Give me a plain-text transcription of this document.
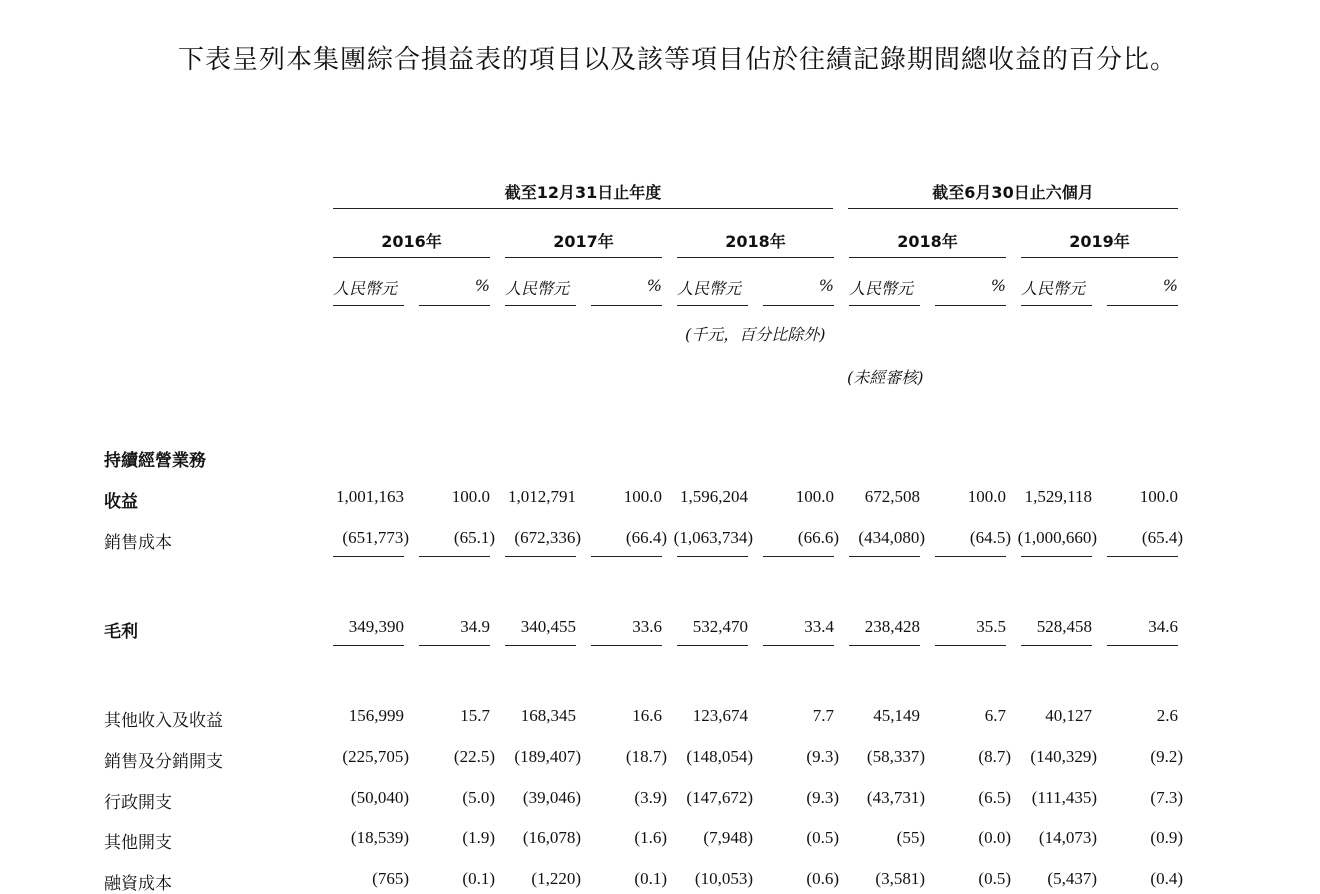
下表呈列本集團綜合損益表的項目以及該等項目佔於往績記錄期間總收益的百分比。
截至12月31日止年度	截至6月30日止六個月
2016年	2017年	2018年	2018年	2019年
人民幣元	% 人民幣元	% 人民幣元	% 人民幣元	% 人民幣元	%
(千元，百分比除外)
(未經審核)
持續經營業務
收益	1,001,163	100.0	1,012,791	100.0	1,596,204	100.0	672,508	100.0	1,529,118	100.0
銷售成本	(651,773)	(65.1)	(672,336)	(66.4) (1,063,734)	(66.6)	(434,080)	(64.5) (1,000,660)	(65.4)
毛利	349,390	34.9	340,455	33.6	532,470	33.4	238,428	35.5	528,458	34.6
其他收入及收益	156,999	15.7	168,345	16.6	123,674	7.7	45,149	6.7	40,127	2.6
銷售及分銷開支	(225,705)	(22.5)	(189,407)	(18.7)	(148,054)	(9.3)	(58,337)	(8.7)	(140,329)	(9.2)
行政開支	(50,040)	(5.0)	(39,046)	(3.9)	(147,672)	(9.3)	(43,731)	(6.5)	(111,435)	(7.3)
其他開支	(18,539)	(1.9)	(16,078)	(1.6)	(7,948)	(0.5)	(55)	(0.0)	(14,073)	(0.9)
融資成本	(765)	(0.1)	(1,220)	(0.1)	(10,053)	(0.6)	(3,581)	(0.5)	(5,437)	(0.4)
